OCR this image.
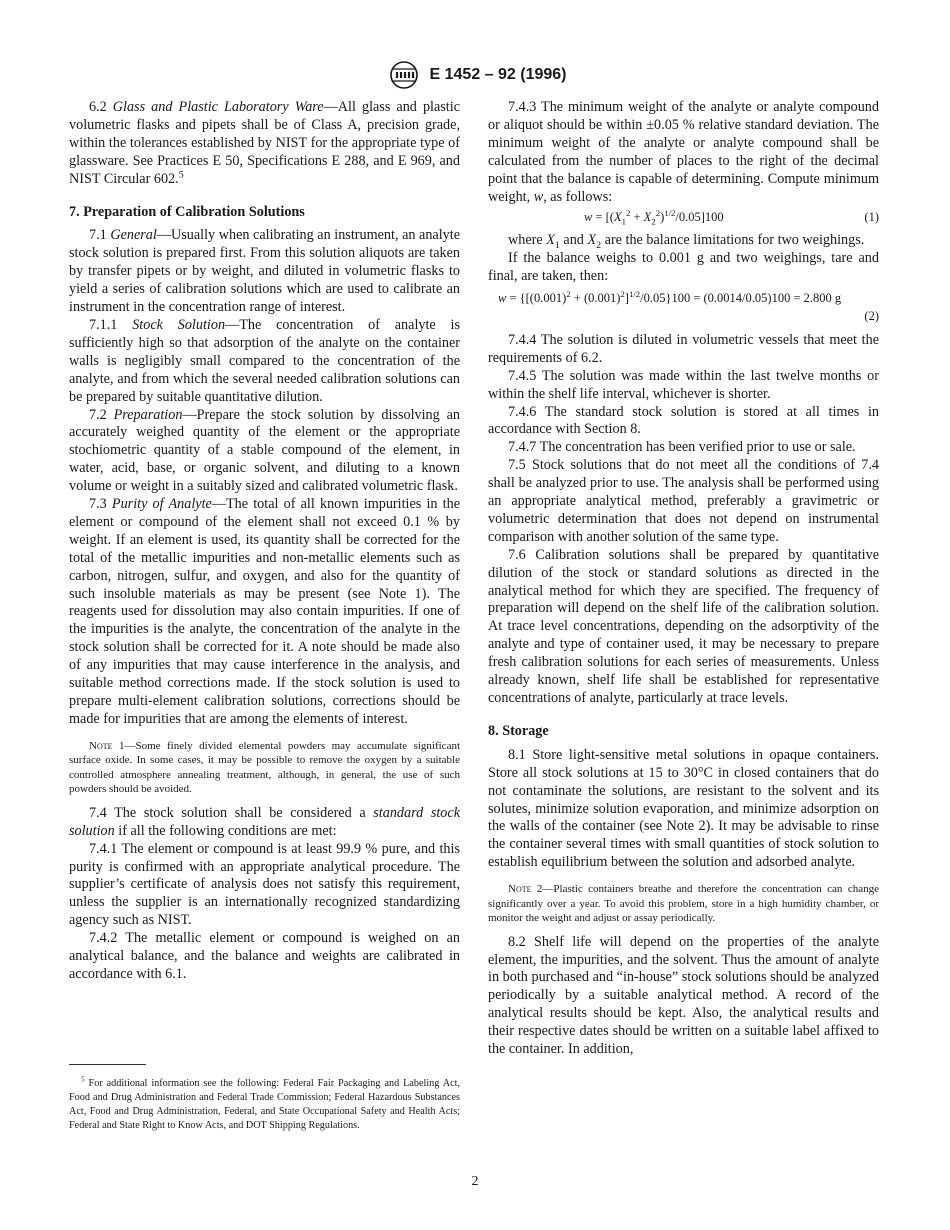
E 1452 – 92 (1996)

6.2 Glass and Plastic Laboratory Ware—All glass and plastic volumetric flasks and pipets shall be of Class A, precision grade, within the tolerances established by NIST for the appropriate type of glassware. See Practices E 50, Specifications E 288, and E 969, and NIST Circular 602.$^5$

7. Preparation of Calibration Solutions

7.1 General—Usually when calibrating an instrument, an analyte stock solution is prepared first. From this solution aliquots are taken by transfer pipets or by weight, and diluted in volumetric flasks to yield a series of calibration solutions which are used to calibrate an instrument in the concentration range of interest.

7.1.1 Stock Solution—The concentration of analyte is sufficiently high so that adsorption of the analyte on the container walls is negligibly small compared to the concentration of the analyte, and from which the several needed calibration solutions can be prepared by suitable quantitative dilution.

7.2 Preparation—Prepare the stock solution by dissolving an accurately weighed quantity of the element or the appropriate stochiometric quantity of a stable compound of the element, in water, acid, base, or organic solvent, and diluting to a known volume or weight in a suitably sized and calibrated volumetric flask.

7.3 Purity of Analyte—The total of all known impurities in the element or compound of the element shall not exceed 0.1 % by weight. If an element is used, its quantity shall be corrected for the total of the metallic impurities and non-metallic elements such as carbon, nitrogen, sulfur, and oxygen, and also for the quantity of such insoluble materials as may be present (see Note 1). The reagents used for dissolution may also contain impurities. If one of the impurities is the analyte, the concentration of the analyte in the stock solution shall be corrected for it. A note should be made also of any impurities that may cause interference in the analysis, and suitable method corrections made. If the stock solution is used to prepare multi-element calibration solutions, corrections should be made for impurities that are among the elements of interest.

Note 1—Some finely divided elemental powders may accumulate significant surface oxide. In some cases, it may be possible to remove the oxygen by a suitable controlled atmosphere annealing treatment, although, in general, the use of such powders should be avoided.

7.4 The stock solution shall be considered a standard stock solution if all the following conditions are met:

7.4.1 The element or compound is at least 99.9 % pure, and this purity is confirmed with an appropriate analytical procedure. The supplier’s certificate of analysis does not satisfy this requirement, unless the supplier is an internationally recognized standardizing agency such as NIST.

7.4.2 The metallic element or compound is weighed on an analytical balance, and the balance and weights are calibrated in accordance with 6.1.

$^5$ For additional information see the following: Federal Fair Packaging and Labeling Act, Food and Drug Administration and Federal Trade Commission; Federal Hazardous Substances Act, Food and Drug Administration, Federal, and State Occupational Safety and Health Acts; Federal and State Right to Know Acts, and DOT Shipping Regulations.

7.4.3 The minimum weight of the analyte or analyte compound or aliquot should be within ±0.05 % relative standard deviation. The minimum weight of the analyte or analyte compound shall be calculated from the number of places to the right of the decimal point that the balance is capable of determining. Compute minimum weight, w, as follows:

$w = [(X_1^2 + X_2^2)^{1/2}/0.05]100$	(1)

where $X_1$ and $X_2$ are the balance limitations for two weighings.

If the balance weighs to 0.001 g and two weighings, tare and final, are taken, then:

$w = \{[(0.001)^2 + (0.001)^2]^{1/2}/0.05\}100 = (0.0014/0.05)100 = 2.800$ g
(2)

7.4.4 The solution is diluted in volumetric vessels that meet the requirements of 6.2.

7.4.5 The solution was made within the last twelve months or within the shelf life interval, whichever is shorter.

7.4.6 The standard stock solution is stored at all times in accordance with Section 8.

7.4.7 The concentration has been verified prior to use or sale.

7.5 Stock solutions that do not meet all the conditions of 7.4 shall be analyzed prior to use. The analysis shall be performed using an appropriate analytical method, preferably a gravimetric or volumetric determination that does not depend on instrumental comparison with another solution of the same type.

7.6 Calibration solutions shall be prepared by quantitative dilution of the stock or standard solutions as directed in the analytical method for which they are specified. The frequency of preparation will depend on the shelf life of the calibration solution. At trace level concentrations, depending on the adsorptivity of the analyte and type of container used, it may be necessary to prepare fresh calibration solutions for each series of measurements. Unless already known, shelf life shall be established for representative concentrations of analyte, particularly at trace levels.

8. Storage

8.1 Store light-sensitive metal solutions in opaque containers. Store all stock solutions at 15 to 30°C in closed containers that do not contaminate the solutions, are resistant to the solvent and its solutes, minimize solution evaporation, and minimize adsorption on the walls of the container (see Note 2). It may be advisable to rinse the container several times with small quantities of stock solution to establish equilibrium between the solution and adsorbed analyte.

Note 2—Plastic containers breathe and therefore the concentration can change significantly over a year. To avoid this problem, store in a high humidity chamber, or monitor the weight and adjust or assay periodically.

8.2 Shelf life will depend on the properties of the analyte element, the impurities, and the solvent. Thus the amount of analyte in both purchased and “in-house” stock solutions should be analyzed periodically by a suitable analytical method. A record of the analytical results should be kept. Also, the analytical results and their respective dates should be written on a suitable label affixed to the container. In addition,

2
